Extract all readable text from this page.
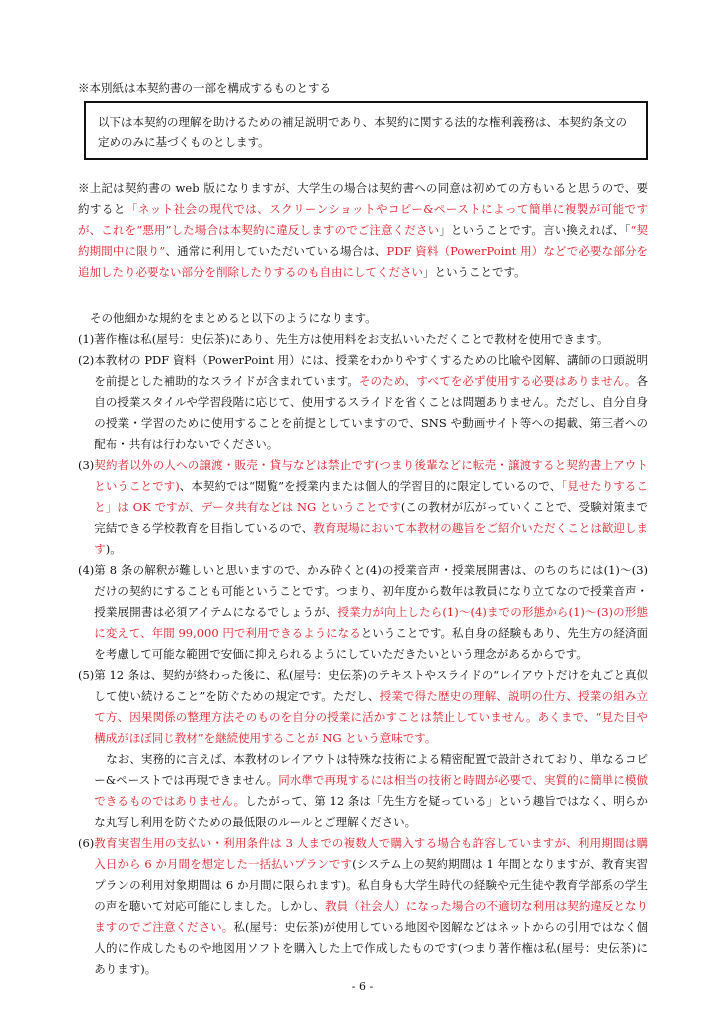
※本別紙は本契約書の一部を構成するものとする

以下は本契約の理解を助けるための補足説明であり、本契約に関する法的な権利義務は、本契約条文の定めのみに基づくものとします。

※上記は契約書の web 版になりますが、大学生の場合は契約書への同意は初めての方もいると思うので、要約すると「ネット社会の現代では、スクリーンショットやコピー&ペーストによって簡単に複製が可能ですが、これを“悪用”した場合は本契約に違反しますのでご注意ください」ということです。言い換えれば、「“契約期間中に限り”、通常に利用していただいている場合は、PDF 資料（PowerPoint 用）などで必要な部分を追加したり必要ない部分を削除したりするのも自由にしてください」ということです。

その他細かな規約をまとめると以下のようになります。

(1) 著作権は私(屋号：史伝茶)にあり、先生方は使用料をお支払いいただくことで教材を使用できます。

(2) 本教材の PDF 資料（PowerPoint 用）には、授業をわかりやすくするための比喩や図解、講師の口頭説明を前提とした補助的なスライドが含まれています。そのため、すべてを必ず使用する必要はありません。各自の授業スタイルや学習段階に応じて、使用するスライドを省くことは問題ありません。ただし、自分自身の授業・学習のために使用することを前提としていますので、SNS や動画サイト等への掲載、第三者への配布・共有は行わないでください。

(3) 契約者以外の人への譲渡・販売・貸与などは禁止です(つまり後輩などに転売・譲渡すると契約書上アウトということです)、本契約では“閲覧”を授業内または個人的学習目的に限定しているので、「見せたりすること」は OK ですが、データ共有などは NG ということです(この教材が広がっていくことで、受験対策まで完結できる学校教育を目指しているので、教育現場において本教材の趣旨をご紹介いただくことは歓迎します)。

(4) 第 8 条の解釈が難しいと思いますので、かみ砕くと(4)の授業音声・授業展開書は、のちのちには(1)～(3)だけの契約にすることも可能ということです。つまり、初年度から数年は教員になり立てなので授業音声・授業展開書は必須アイテムになるでしょうが、授業力が向上したら(1)～(4)までの形態から(1)～(3)の形態に変えて、年間 99,000 円で利用できるようになるということです。私自身の経験もあり、先生方の経済面を考慮して可能な範囲で安価に抑えられるようにしていただきたいという理念があるからです。

(5) 第 12 条は、契約が終わった後に、私(屋号：史伝茶)のテキストやスライドの“レイアウトだけを丸ごと真似して使い続けること”を防ぐための規定です。ただし、授業で得た歴史の理解、説明の仕方、授業の組み立て方、因果関係の整理方法そのものを自分の授業に活かすことは禁止していません。あくまで、“見た目や構成がほぼ同じ教材”を継続使用することが NG という意味です。

なお、実務的に言えば、本教材のレイアウトは特殊な技術による精密配置で設計されており、単なるコピー&ペーストでは再現できません。同水準で再現するには相当の技術と時間が必要で、実質的に簡単に模倣できるものではありません。したがって、第 12 条は「先生方を疑っている」という趣旨ではなく、明らかな丸写し利用を防ぐための最低限のルールとご理解ください。

(6) 教育実習生用の支払い・利用条件は 3 人までの複数人で購入する場合も許容していますが、利用期間は購入日から 6 か月間を想定した一括払いプランです(システム上の契約期間は 1 年間となりますが、教育実習プランの利用対象期間は 6 か月間に限られます)。私自身も大学生時代の経験や元生徒や教育学部系の学生の声を聴いて対応可能にしました。しかし、教員（社会人）になった場合の不適切な利用は契約違反となりますのでご注意ください。私(屋号：史伝茶)が使用している地図や図解などはネットからの引用ではなく個人的に作成したものや地図用ソフトを購入した上で作成したものです(つまり著作権は私(屋号：史伝茶)にあります)。

- 6 -
